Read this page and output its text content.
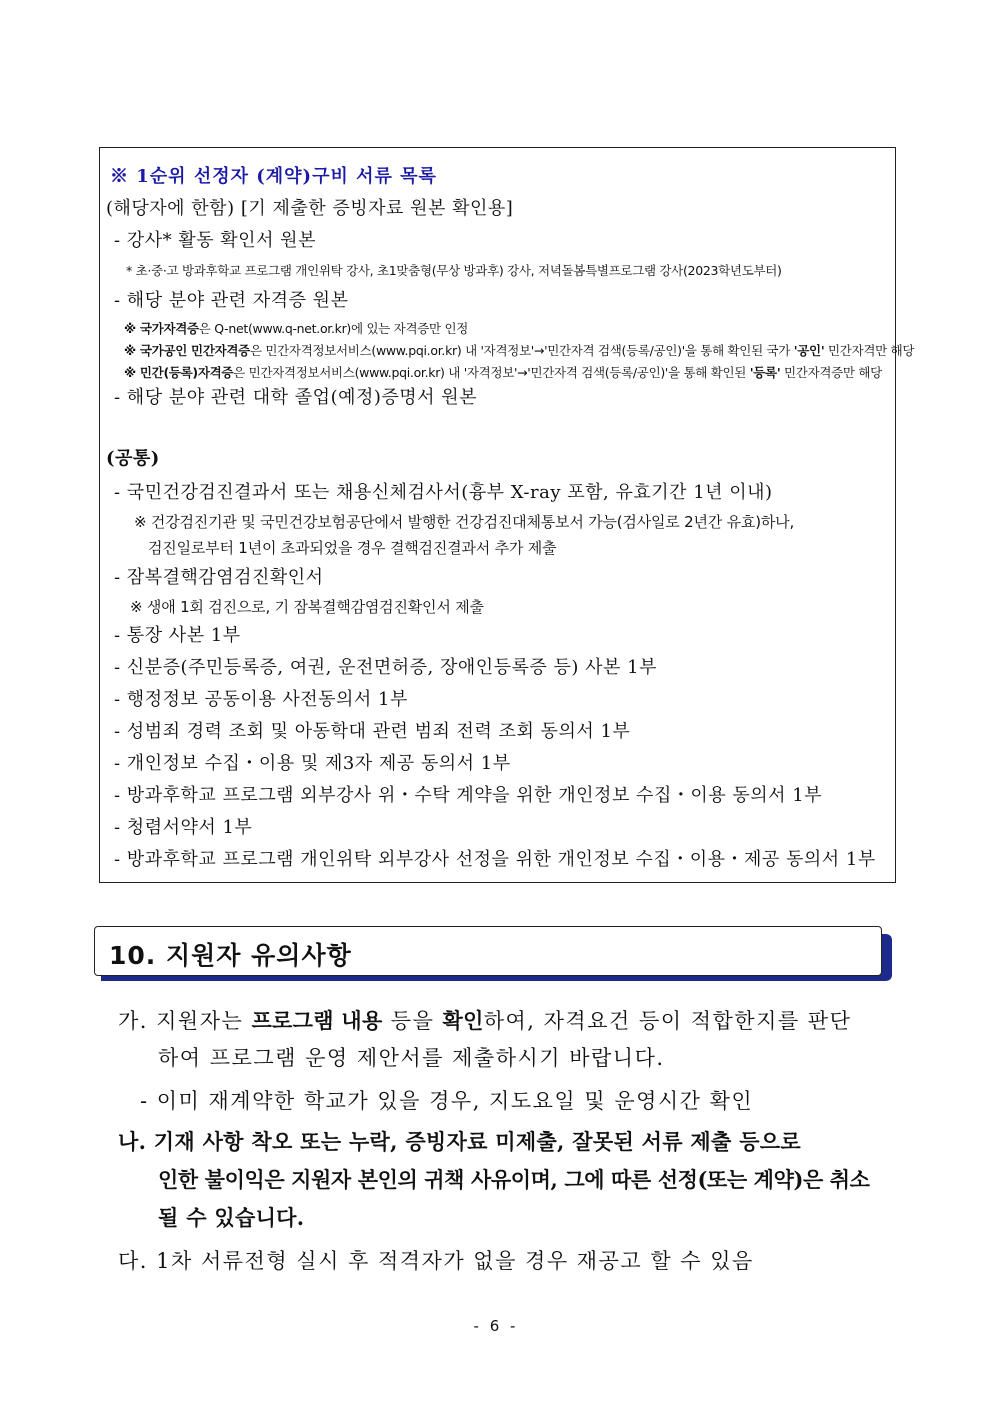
※ 1순위 선정자 (계약)구비 서류 목록
(해당자에 한함) [기 제출한 증빙자료 원본 확인용]
- 강사* 활동 확인서 원본
* 초·중·고 방과후학교 프로그램 개인위탁 강사, 초1맞춤형(무상 방과후) 강사, 저녁돌봄특별프로그램 강사(2023학년도부터)
- 해당 분야 관련 자격증 원본
※ 국가자격증은 Q-net(www.q-net.or.kr)에 있는 자격증만 인정
※ 국가공인 민간자격증은 민간자격정보서비스(www.pqi.or.kr) 내 '자격정보'→'민간자격 검색(등록/공인)'을 통해 확인된 국가 '공인' 민간자격만 해당
※ 민간(등록)자격증은 민간자격정보서비스(www.pqi.or.kr) 내 '자격정보'→'민간자격 검색(등록/공인)'을 통해 확인된 '등록' 민간자격증만 해당
- 해당 분야 관련 대학 졸업(예정)증명서 원본
(공통)
- 국민건강검진결과서 또는 채용신체검사서(흉부 X-ray 포함, 유효기간 1년 이내)
※ 건강검진기관 및 국민건강보험공단에서 발행한 건강검진대체통보서 가능(검사일로 2년간 유효)하나,
검진일로부터 1년이 초과되었을 경우 결핵검진결과서 추가 제출
- 잠복결핵감염검진확인서
※ 생애 1회 검진으로, 기 잠복결핵감염검진확인서 제출
- 통장 사본 1부
- 신분증(주민등록증, 여권, 운전면허증, 장애인등록증 등) 사본 1부
- 행정정보 공동이용 사전동의서 1부
- 성범죄 경력 조회 및 아동학대 관련 범죄 전력 조회 동의서 1부
- 개인정보 수집・이용 및 제3자 제공 동의서 1부
- 방과후학교 프로그램 외부강사 위・수탁 계약을 위한 개인정보 수집・이용 동의서 1부
- 청렴서약서 1부
- 방과후학교 프로그램 개인위탁 외부강사 선정을 위한 개인정보 수집・이용・제공 동의서 1부
10. 지원자 유의사항
가. 지원자는 프로그램 내용 등을 확인하여, 자격요건 등이 적합한지를 판단
하여 프로그램 운영 제안서를 제출하시기 바랍니다.
- 이미 재계약한 학교가 있을 경우, 지도요일 및 운영시간 확인
나. 기재 사항 착오 또는 누락, 증빙자료 미제출, 잘못된 서류 제출 등으로
인한 불이익은 지원자 본인의 귀책 사유이며, 그에 따른 선정(또는 계약)은 취소
될 수 있습니다.
다. 1차 서류전형 실시 후 적격자가 없을 경우 재공고 할 수 있음
- 6 -
